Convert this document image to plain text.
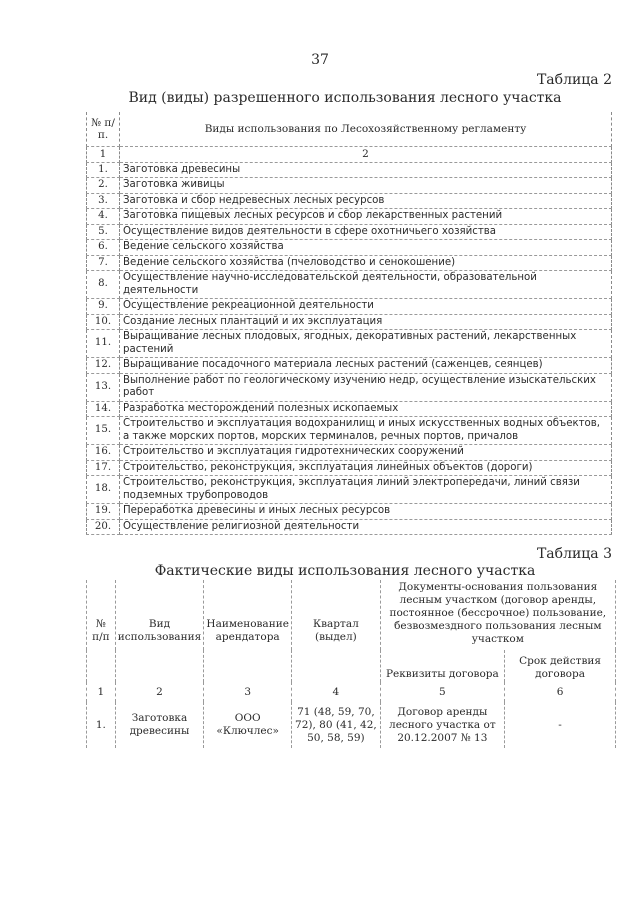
37
Таблица 2
Вид (виды) разрешенного использования лесного участка
№ п/п.	Виды использования по Лесохозяйственному регламенту
1	2
1.	Заготовка древесины
2.	Заготовка живицы
3.	Заготовка и сбор недревесных лесных ресурсов
4.	Заготовка пищевых лесных ресурсов и сбор лекарственных растений
5.	Осуществление видов деятельности в сфере охотничьего хозяйства
6.	Ведение сельского хозяйства
7.	Ведение сельского хозяйства (пчеловодство и сенокошение)
8.	Осуществление научно-исследовательской деятельности, образовательной деятельности
9.	Осуществление рекреационной деятельности
10.	Создание лесных плантаций и их эксплуатация
11.	Выращивание лесных плодовых, ягодных, декоративных растений, лекарственных растений
12.	Выращивание посадочного материала лесных растений (саженцев, сеянцев)
13.	Выполнение работ по геологическому изучению недр, осуществление изыскательских работ
14.	Разработка месторождений полезных ископаемых
15.	Строительство и эксплуатация водохранилищ и иных искусственных водных объектов, а также морских портов, морских терминалов, речных портов, причалов
16.	Строительство и эксплуатация гидротехнических сооружений
17.	Строительство, реконструкция, эксплуатация линейных объектов (дороги)
18.	Строительство, реконструкция, эксплуатация линий электропередачи, линий связи подземных трубопроводов
19.	Переработка древесины и иных лесных ресурсов
20.	Осуществление религиозной деятельности
Таблица 3
Фактические виды использования лесного участка
№ п/п	Вид использования	Наименование арендатора	Квартал (выдел)	Документы-основания пользования лесным участком (договор аренды, постоянное (бессрочное) пользование, безвозмездного пользования лесным участком	
				Реквизиты договора	Срок действия договора
1	2	3	4	5	6
1.	Заготовка древесины	ООО «Ключлес»	71 (48, 59, 70, 72), 80 (41, 42, 50, 58, 59)	Договор аренды лесного участка от 20.12.2007 № 13	-
